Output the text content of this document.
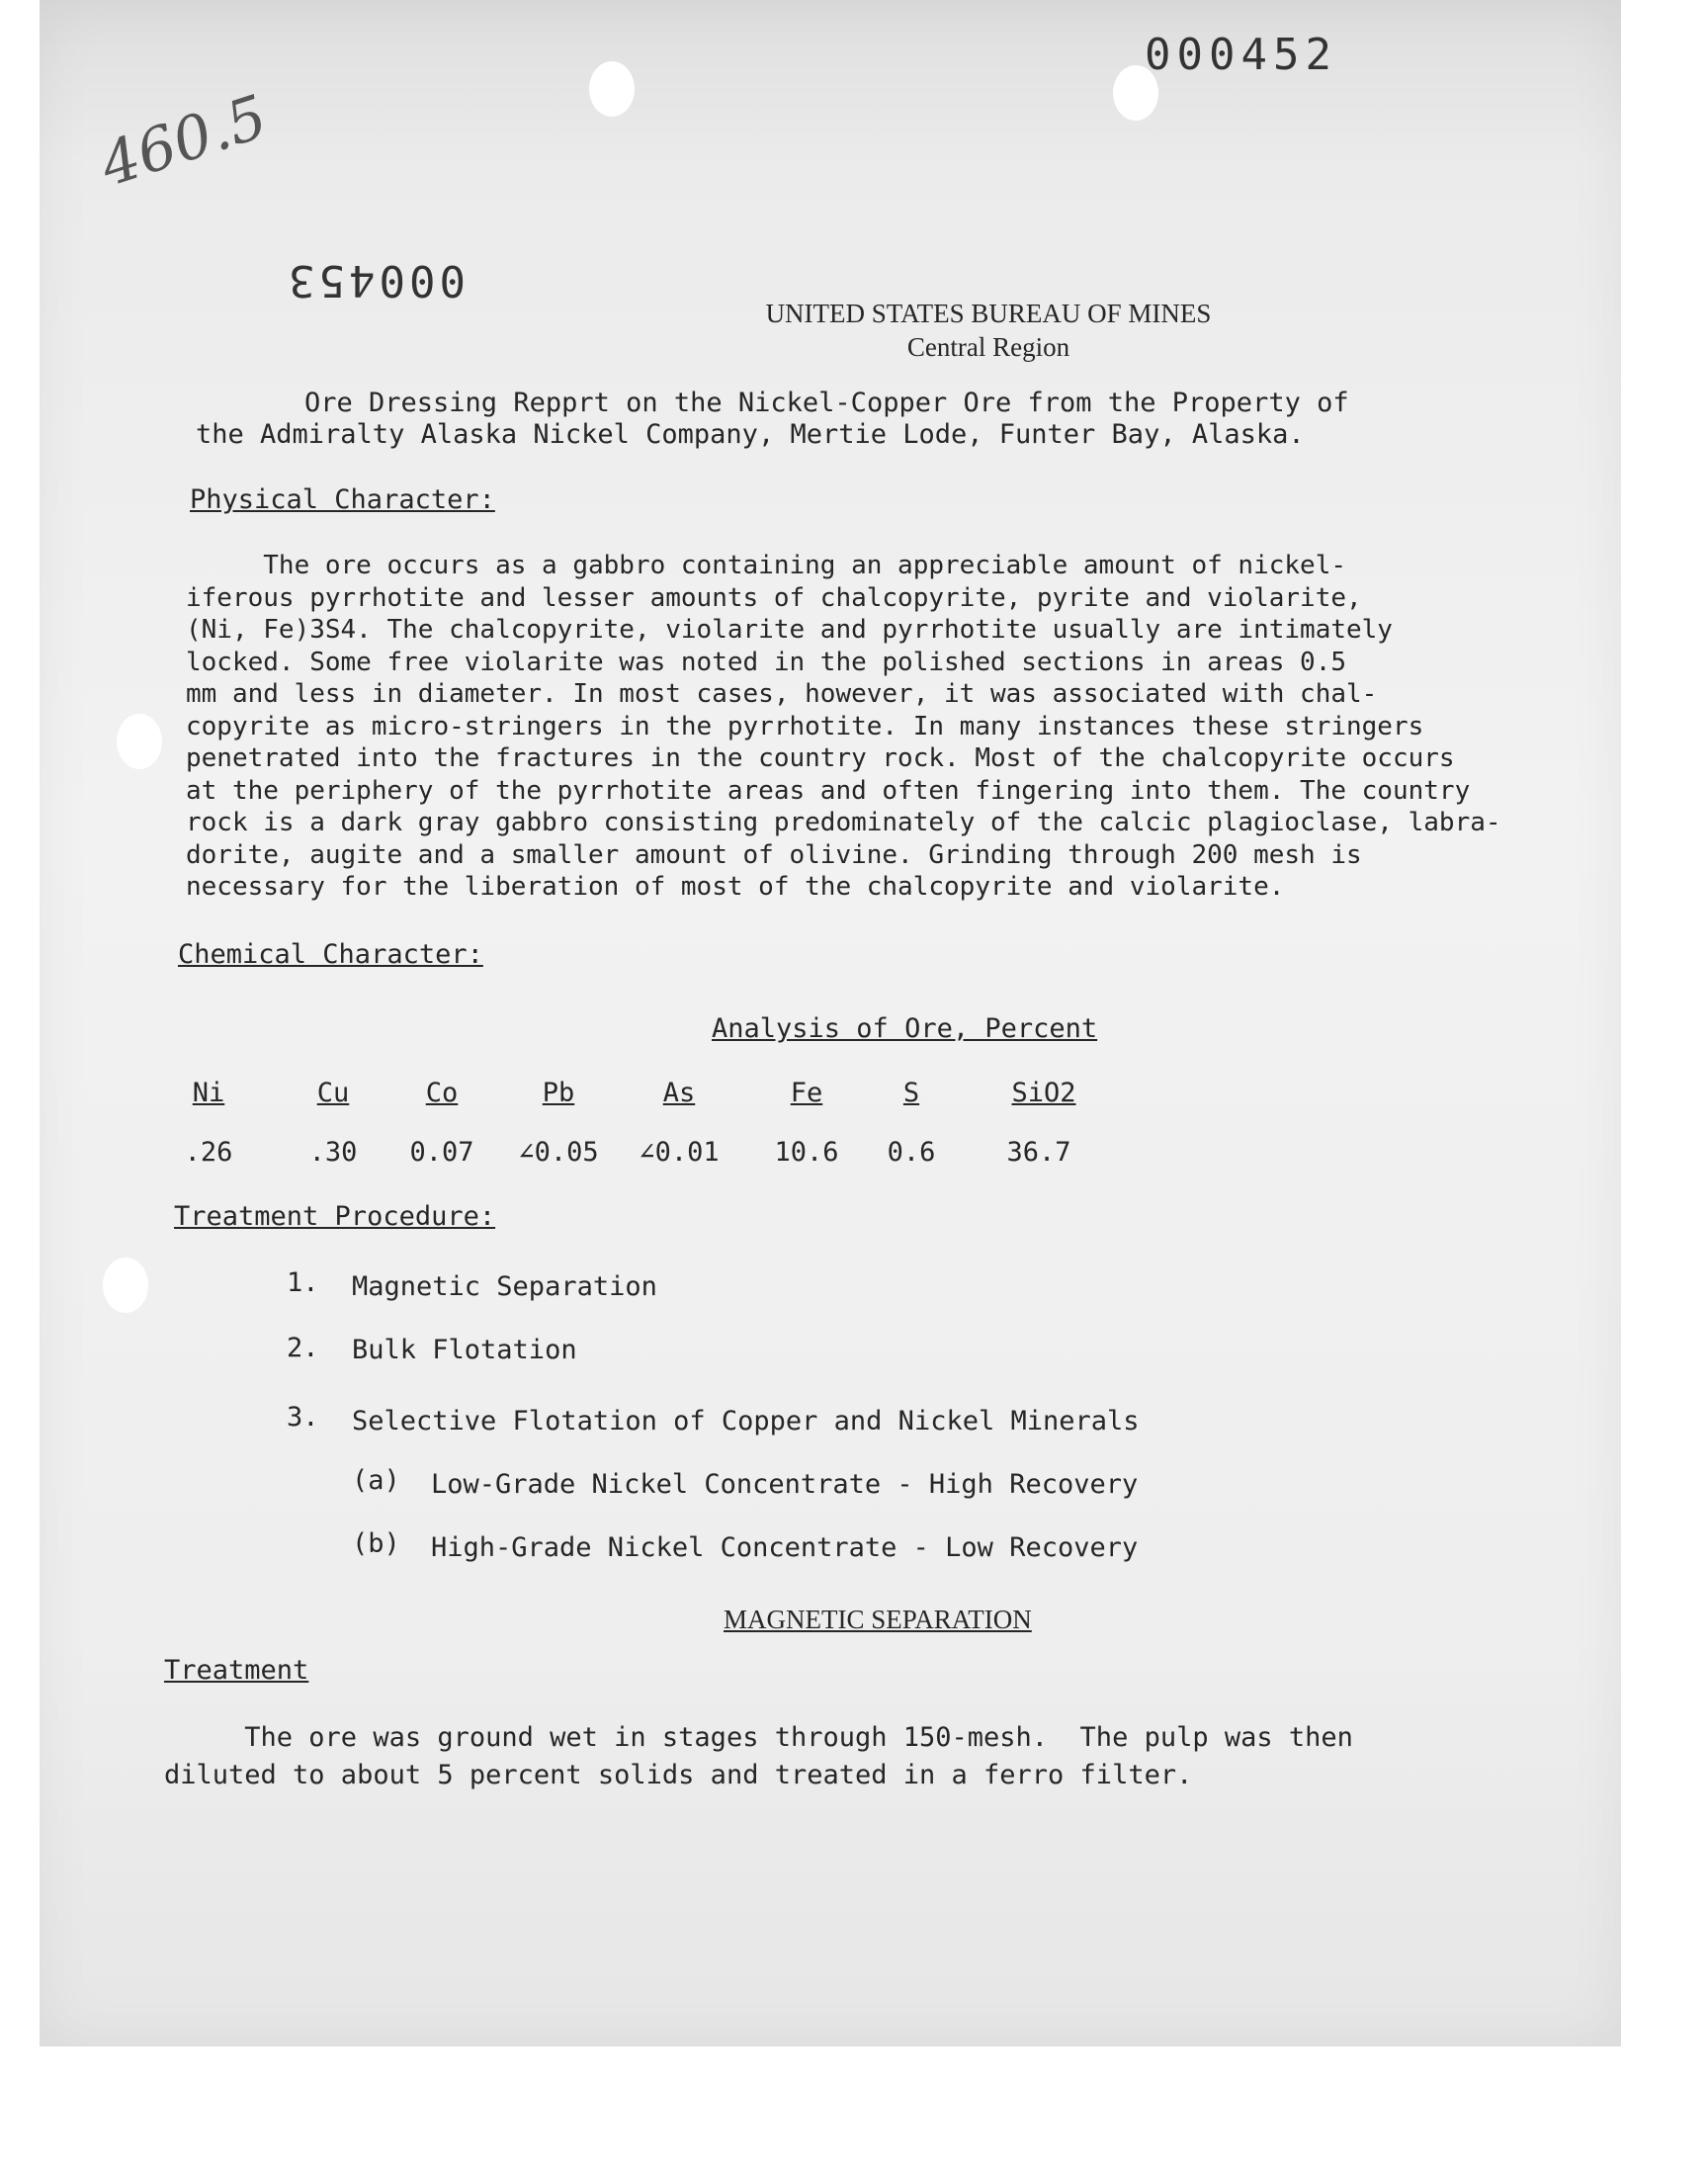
000452
000453
460.5
UNITED STATES BUREAU OF MINES
Central Region
Ore Dressing Repprt on the Nickel-Copper Ore from the Property of
the Admiralty Alaska Nickel Company, Mertie Lode, Funter Bay, Alaska.
Physical Character:

The ore occurs as a gabbro containing an appreciable amount of nickel-

iferous pyrrhotite and lesser amounts of chalcopyrite, pyrite and violarite,

(Ni, Fe)3S4. The chalcopyrite, violarite and pyrrhotite usually are intimately

locked. Some free violarite was noted in the polished sections in areas 0.5

mm and less in diameter. In most cases, however, it was associated with chal-

copyrite as micro-stringers in the pyrrhotite. In many instances these stringers

penetrated into the fractures in the country rock. Most of the chalcopyrite occurs

at the periphery of the pyrrhotite areas and often fingering into them. The country

rock is a dark gray gabbro consisting predominately of the calcic plagioclase, labra-

dorite, augite and a smaller amount of olivine. Grinding through 200 mesh is

necessary for the liberation of most of the chalcopyrite and violarite.

Chemical Character:
Analysis of Ore, Percent
Ni	Cu	Co	Pb	As	Fe	S	SiO2
.26	.30	0.07	∠0.05	∠0.01	10.6	0.6	36.7
Treatment Procedure:
1. Magnetic Separation
2. Bulk Flotation
3. Selective Flotation of Copper and Nickel Minerals
(a) Low-Grade Nickel Concentrate - High Recovery
(b) High-Grade Nickel Concentrate - Low Recovery
MAGNETIC SEPARATION
Treatment
The ore was ground wet in stages through 150-mesh.  The pulp was then
diluted to about 5 percent solids and treated in a ferro filter.
